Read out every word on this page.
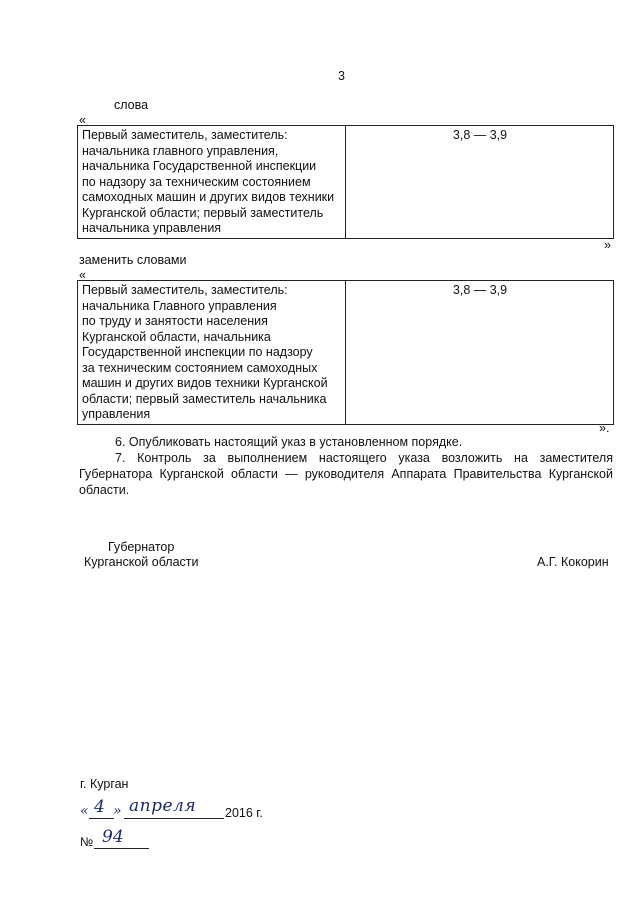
3
слова
«
Первый заместитель, заместитель:
начальника главного управления,
начальника Государственной инспекции
по надзору за техническим состоянием
самоходных машин и других видов техники
Курганской области; первый заместитель
начальника управления
	3,8 — 3,9
»
заменить словами
«
Первый заместитель, заместитель:
начальника Главного управления
по труду и занятости населения
Курганской области, начальника
Государственной инспекции по надзору
за техническим состоянием самоходных
машин и других видов техники Курганской
области; первый заместитель начальника
управления
	3,8 — 3,9
».
6. Опубликовать настоящий указ в установленном порядке.
7. Контроль за выполнением настоящего указа возложить на заместителя Губернатора Курганской области — руководителя Аппарата Правительства Курганской области.
Губернатор
Курганской области	А.Г. Кокорин
г. Курган
« 4 » апреля 2016 г.
№ 94
